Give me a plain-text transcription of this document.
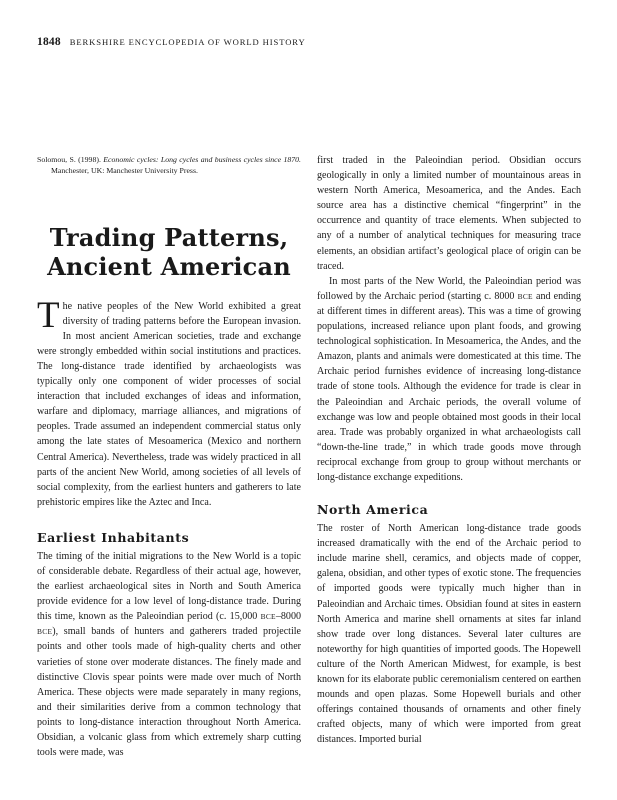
1848 BERKSHIRE ENCYCLOPEDIA OF WORLD HISTORY

Solomou, S. (1998). Economic cycles: Long cycles and business cycles since 1870. Manchester, UK: Manchester University Press.

Trading Patterns,
Ancient American

The native peoples of the New World exhibited a great diversity of trading patterns before the European invasion. In most ancient American societies, trade and exchange were strongly embedded within social institutions and practices. The long-distance trade identified by archaeologists was typically only one component of wider processes of social interaction that included exchanges of ideas and information, warfare and diplomacy, marriage alliances, and migrations of peoples. Trade assumed an independent commercial status only among the late states of Mesoamerica (Mexico and northern Central America). Nevertheless, trade was widely practiced in all parts of the ancient New World, among societies of all levels of social complexity, from the earliest hunters and gatherers to late prehistoric empires like the Aztec and Inca.

Earliest Inhabitants

The timing of the initial migrations to the New World is a topic of considerable debate. Regardless of their actual age, however, the earliest archaeological sites in North and South America provide evidence for a low level of long-distance trade. During this time, known as the Paleoindian period (c. 15,000 BCE–8000 BCE), small bands of hunters and gatherers traded projectile points and other tools made of high-quality cherts and other varieties of stone over moderate distances. The finely made and distinctive Clovis spear points were made over much of North America. These objects were made separately in many regions, and their similarities derive from a common technology that points to long-distance interaction throughout North America. Obsidian, a volcanic glass from which extremely sharp cutting tools were made, was

first traded in the Paleoindian period. Obsidian occurs geologically in only a limited number of mountainous areas in western North America, Mesoamerica, and the Andes. Each source area has a distinctive chemical “fingerprint” in the occurrence and quantity of trace elements. When subjected to any of a number of analytical techniques for measuring trace elements, an obsidian artifact’s geological place of origin can be traced.

In most parts of the New World, the Paleoindian period was followed by the Archaic period (starting c. 8000 BCE and ending at different times in different areas). This was a time of growing populations, increased reliance upon plant foods, and growing technological sophistication. In Mesoamerica, the Andes, and the Amazon, plants and animals were domesticated at this time. The Archaic period furnishes evidence of increasing long-distance trade of stone tools. Although the evidence for trade is clear in the Paleoindian and Archaic periods, the overall volume of exchange was low and people obtained most goods in their local area. Trade was probably organized in what archaeologists call “down-the-line trade,” in which trade goods move through reciprocal exchange from group to group without merchants or long-distance exchange expeditions.

North America

The roster of North American long-distance trade goods increased dramatically with the end of the Archaic period to include marine shell, ceramics, and objects made of copper, galena, obsidian, and other types of exotic stone. The frequencies of imported goods were typically much higher than in Paleoindian and Archaic times. Obsidian found at sites in eastern North America and marine shell ornaments at sites far inland show trade over long distances. Several later cultures are noteworthy for high quantities of imported goods. The Hopewell culture of the North American Midwest, for example, is best known for its elaborate public ceremonialism centered on earthen mounds and open plazas. Some Hopewell burials and other offerings contained thousands of ornaments and other finely crafted objects, many of which were imported from great distances. Imported burial
